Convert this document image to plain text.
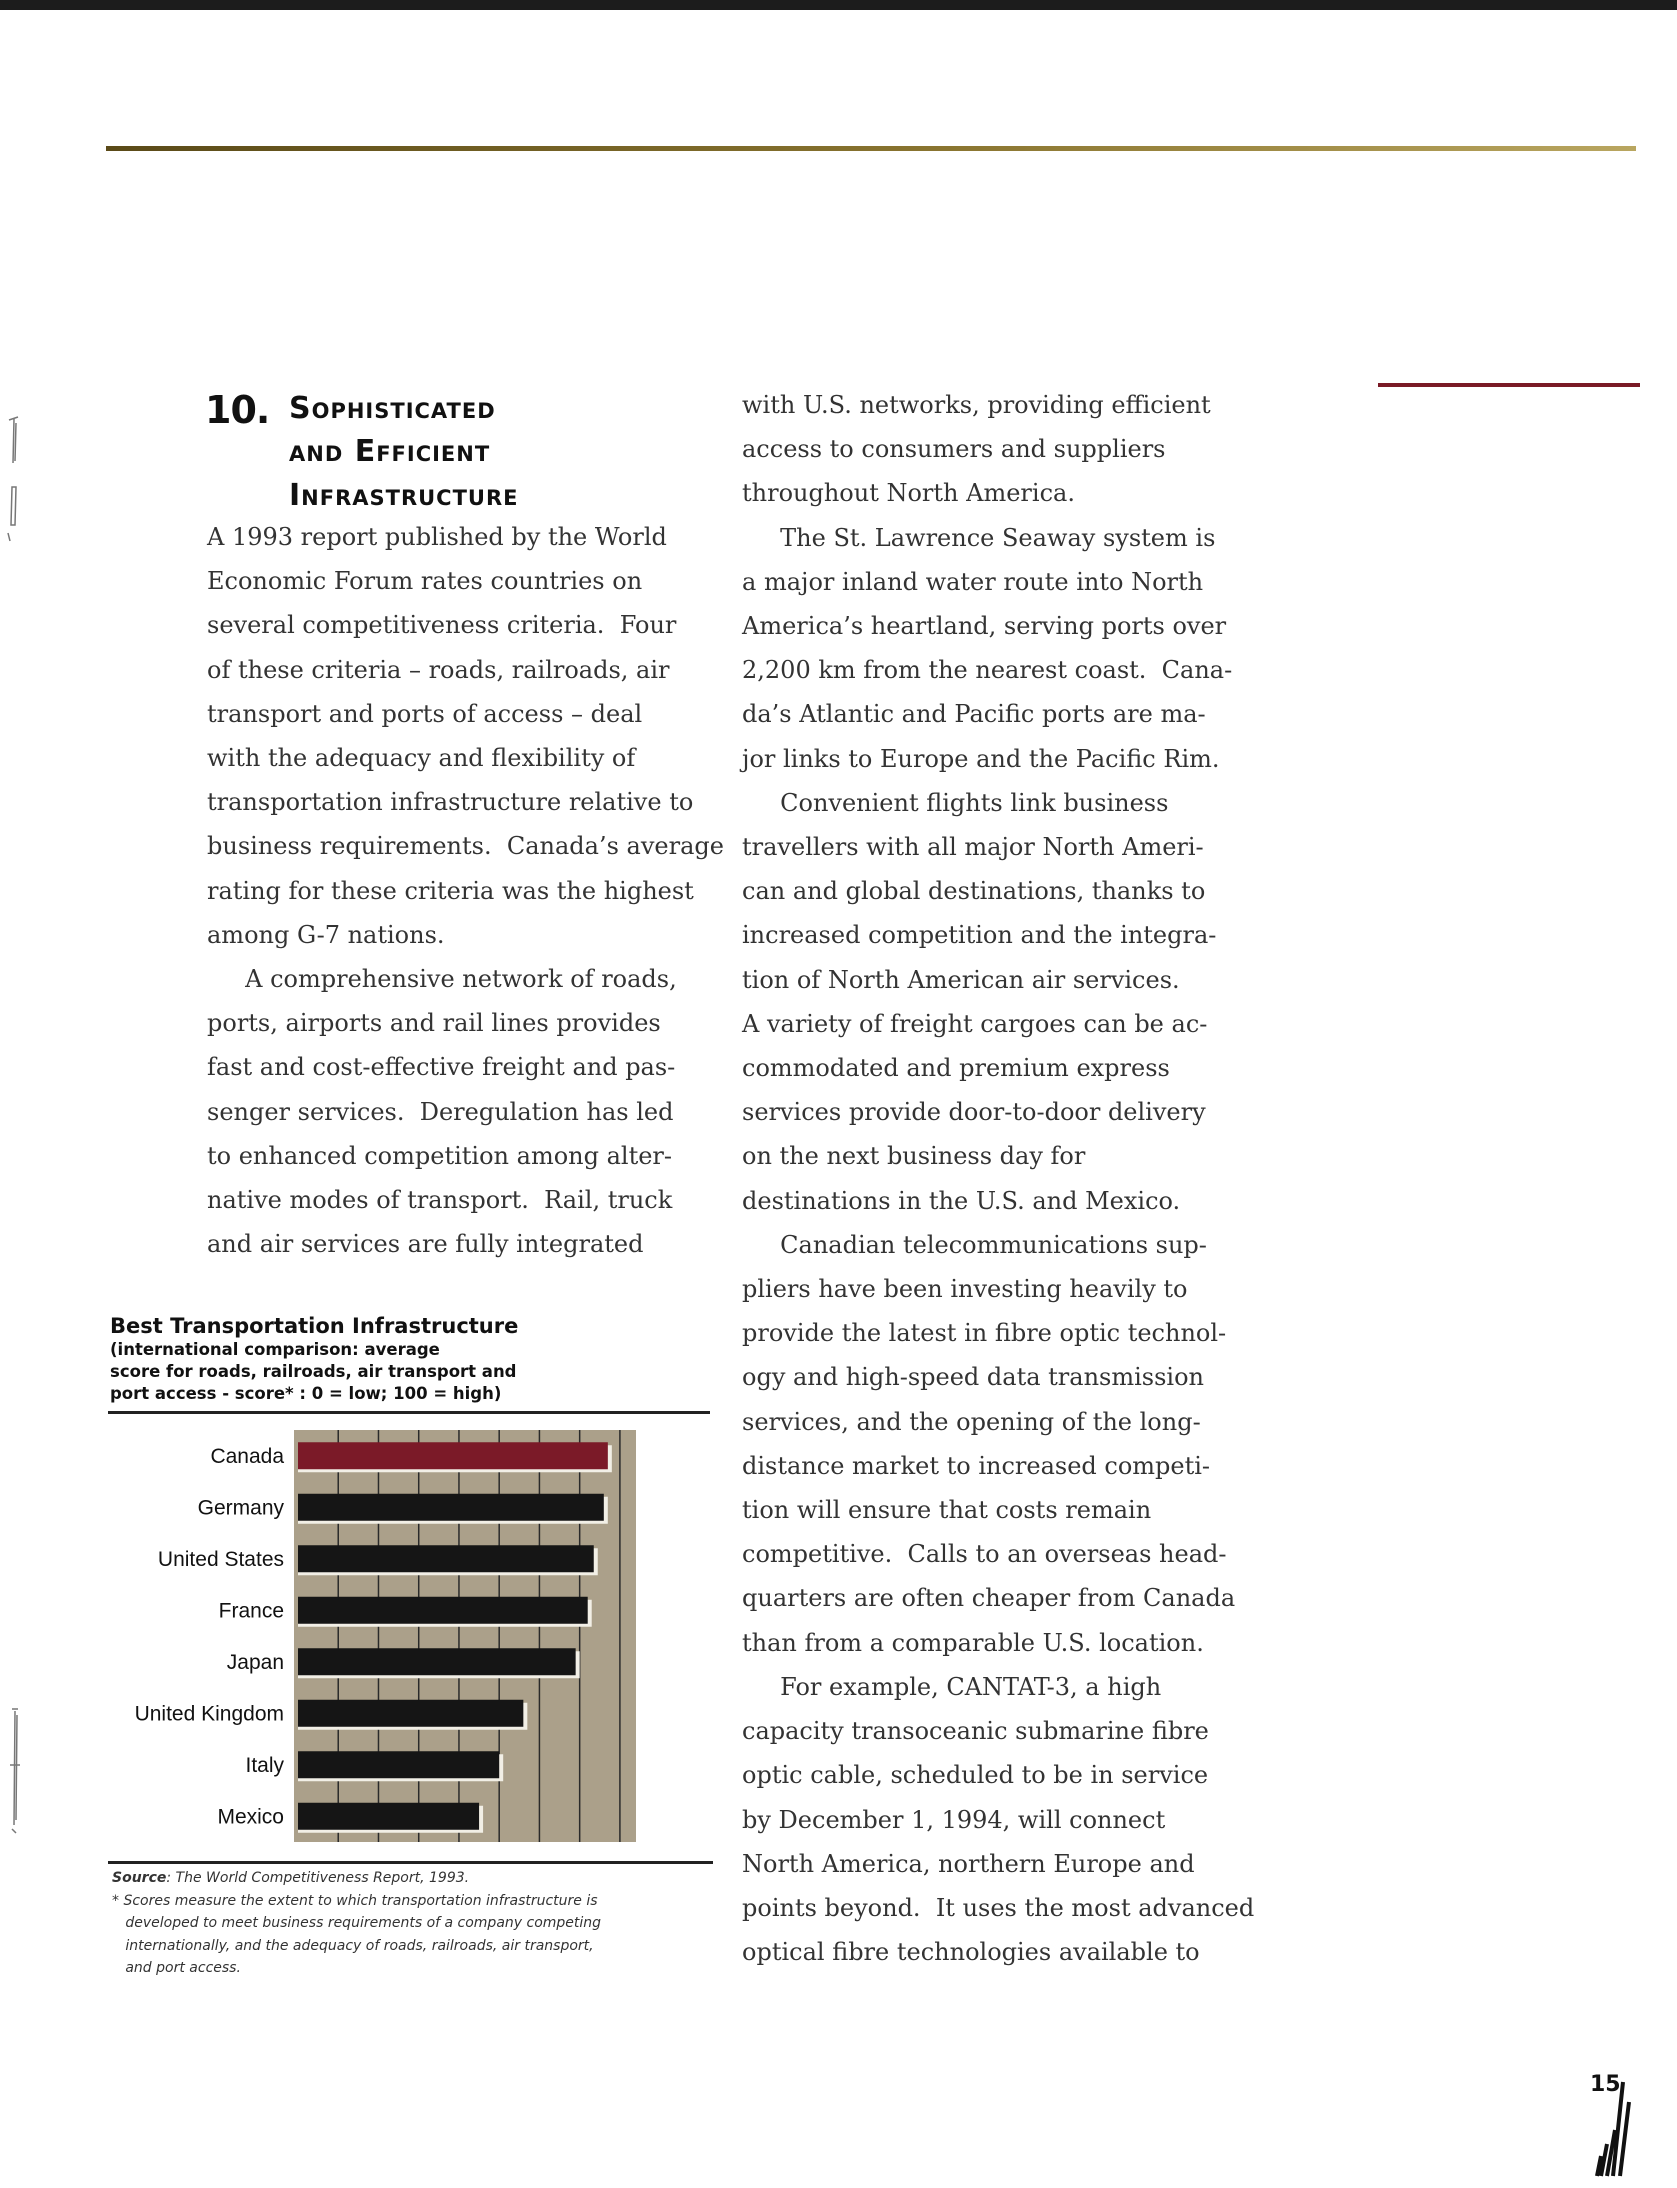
10. Sophisticated
and Efficient
Infrastructure

A 1993 report published by the World

Economic Forum rates countries on

several competitiveness criteria.  Four

of these criteria – roads, railroads, air

transport and ports of access – deal

with the adequacy and flexibility of

transportation infrastructure relative to

business requirements.  Canada’s average

rating for these criteria was the highest

among G-7 nations.

A comprehensive network of roads,

ports, airports and rail lines provides

fast and cost-effective freight and pas-

senger services.  Deregulation has led

to enhanced competition among alter-

native modes of transport.  Rail, truck

and air services are fully integrated

with U.S. networks, providing efficient

access to consumers and suppliers

throughout North America.

The St. Lawrence Seaway system is

a major inland water route into North

America’s heartland, serving ports over

2,200 km from the nearest coast.  Cana-

da’s Atlantic and Pacific ports are ma-

jor links to Europe and the Pacific Rim.

Convenient flights link business

travellers with all major North Ameri-

can and global destinations, thanks to

increased competition and the integra-

tion of North American air services.

A variety of freight cargoes can be ac-

commodated and premium express

services provide door-to-door delivery

on the next business day for

destinations in the U.S. and Mexico.

Canadian telecommunications sup-

pliers have been investing heavily to

provide the latest in fibre optic technol-

ogy and high-speed data transmission

services, and the opening of the long-

distance market to increased competi-

tion will ensure that costs remain

competitive.  Calls to an overseas head-

quarters are often cheaper from Canada

than from a comparable U.S. location.

For example, CANTAT-3, a high

capacity transoceanic submarine fibre

optic cable, scheduled to be in service

by December 1, 1994, will connect

North America, northern Europe and

points beyond.  It uses the most advanced

optical fibre technologies available to

Best Transportation Infrastructure
(international comparison: average
score for roads, railroads, air transport and
port access - score* : 0 = low; 100 = high)
Canada
Germany
United States
France
Japan
United Kingdom
Italy
Mexico

Source: The World Competitiveness Report, 1993.

* Scores measure the extent to which transportation infrastructure is

developed to meet business requirements of a company competing

internationally, and the adequacy of roads, railroads, air transport,

and port access.

15
